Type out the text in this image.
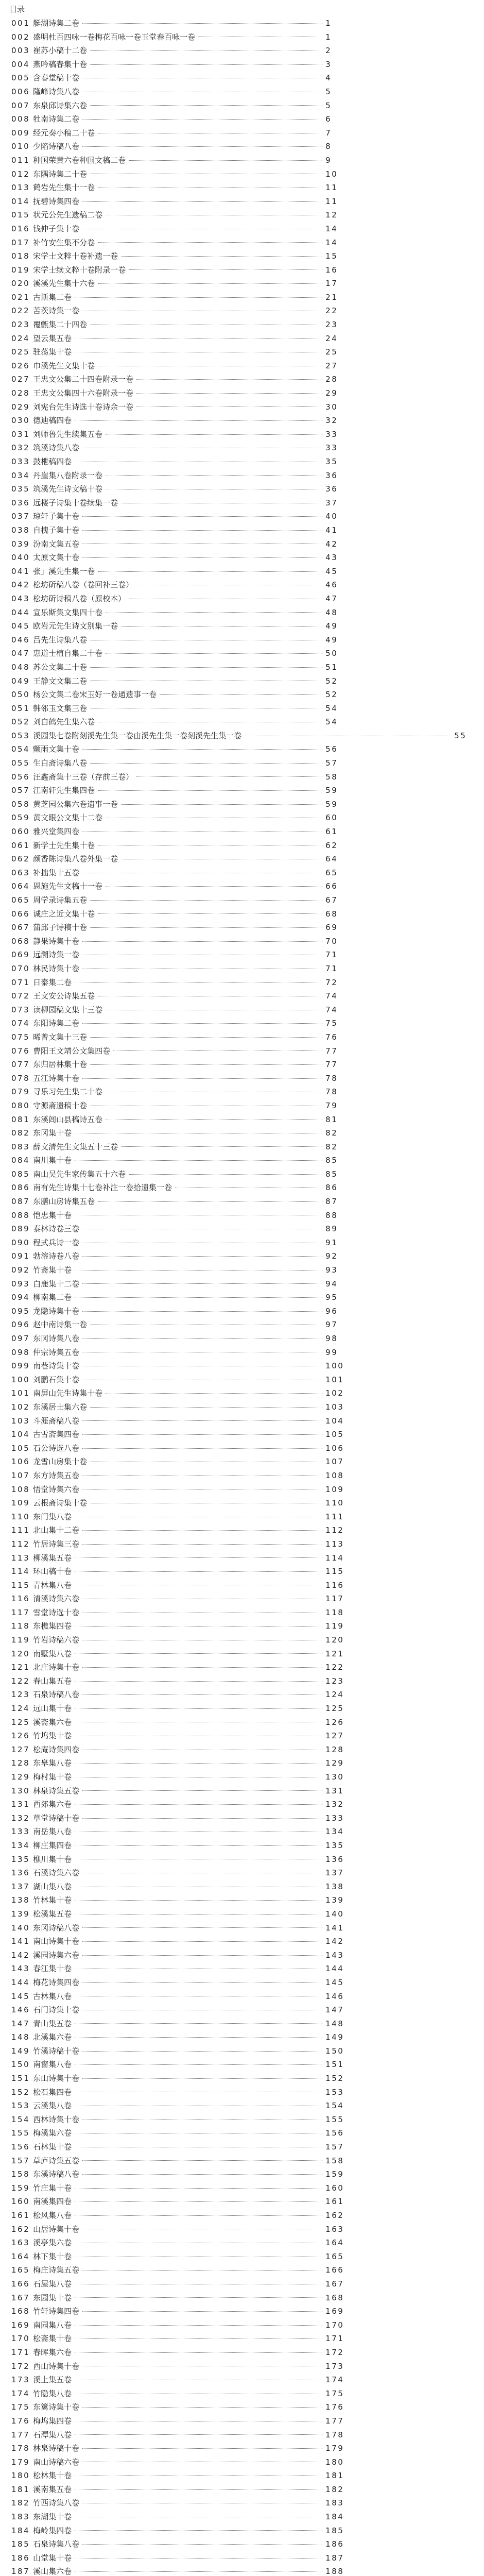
目录
001 艇湖诗集二卷	1
002 盛明杜百四咏一卷梅花百咏一卷玉堂春百咏一卷	1
003 崔苏小稿十二卷	2
004 燕吟稿春集十卷	3
005 含春堂稿十卷	4
006 隆峰诗集八卷	5
007 东泉邱诗集六卷	5
008 牡南诗集二卷	6
009 经元奏小稿二十卷	7
010 少陷诗稿八卷	8
011 种国荣黄六卷种国文稿二卷	9
012 东隅诗集二十卷	10
013 鹤岩先生集十一卷	11
014 抚碧诗集四卷	11
015 状元公先生遗稿二卷	12
016 钱仲子集十卷	14
017 补竹安生集不分卷	14
018 宋学士文粹十卷补遗一卷	15
019 宋学士续文粹十卷附录一卷	16
020 溪溪先生集十六卷	17
021 古斯集二卷	21
022 苦茨诗集一卷	22
023 覆甑集二十四卷	23
024 望云集五卷	24
025 驻荡集十卷	25
026 巾溪先生文集十卷	27
027 王忠文公集二十四卷附录一卷	28
028 王忠文公集四十六卷附录一卷	29
029 刘宪台先生诗选十卷诗余一卷	30
030 德迪稿四卷	32
031 刘师鲁先生续集五卷	33
032 筑溪诗集八卷	33
033 鼓枻稿四卷	35
034 丹崖集八卷附录一卷	36
035 筑溪先生诗文稿十卷	36
036 远楼子诗集十卷续集一卷	37
037 琼轩子集十卷	40
038 自槐子集十卷	41
039 汾南文集五卷	42
040 太原文集十卷	43
041 张」溪先生集一卷	45
042 松坊斫稿八卷（卷回补三卷）	46
043 松坊斫诗稿八卷（原校本）	47
044 宣乐斯集文集四十卷	48
045 欧岩元先生诗文别集一卷	49
046 吕先生诗集八卷	49
047 惠道士植自集二十卷	50
048 苏公文集二十卷	51
049 王静文文集二卷	52
050 杨公文集二卷宋玉好一卷通遗事一卷	52
051 韩邻玉文集三卷	54
052 刘白鹤先生集六卷	54
053 溪园集七卷附刻溪先生集一卷由溪先生集一卷刻溪先生集一卷	55
054 颤雨文集十卷	56
055 生白斋诗集八卷	57
056 汪鑫斋集十三卷（存前三卷）	58
057 江南轩先生集四卷	59
058 黄芝园公集六卷遗事一卷	59
059 黄文眼公文集十二卷	60
060 雅兴堂集四卷	61
061 新学士先生集十卷	62
062 颜香陈诗集八卷外集一卷	64
063 补拙集十五卷	65
064 恩施先生文稿十一卷	66
065 周学录诗集五卷	67
066 诚庄之近文集十卷	68
067 蒲邱子诗稿十卷	69
068 静果诗集十卷	70
069 远溯诗集一卷	71
070 林民诗集十卷	71
071 日泰集二卷	72
072 王文安公诗集五卷	74
073 读柳园稿文集十三卷	74
074 东阳诗集二卷	75
075 晞曾文集十三卷	76
076 曹阳王文靖公文集四卷	77
077 东归居林集十卷	77
078 五江诗集十卷	78
079 寻乐习先生集二十卷	78
080 守源斋遗稿十卷	79
081 东溪闾山县稿诗五卷	81
082 东冈集十卷	82
083 薛文清先生文集五十三卷	82
084 南川集十卷	85
085 南山吴先生家传集五十六卷	85
086 南有先生诗集十七卷补注一卷拾遗集一卷	86
087 东膳山房诗集五卷	87
088 恺忠集十卷	88
089 泰林诗卷三卷	89
090 程式兵诗一卷	91
091 勃溶诗卷八卷	92
092 竹斋集十卷	93
093 白鹿集十二卷	94
094 柳南集二卷	95
095 龙隐诗集十卷	96
096 赵中南诗集一卷	97
097 东冈诗集八卷	98
098 仲宗诗集五卷	99
099 南巷诗集十卷	100
100 刘鹏石集十卷	101
101 南屏山先生诗集十卷	102
102 东溪居士集六卷	103
103 斗涯斋稿八卷	104
104 古雪斋集四卷	105
105 石公诗选八卷	106
106 龙雪山房集十卷	107
107 东方诗集五卷	108
108 悟堂诗集六卷	109
109 云根斋诗集十卷	110
110 东门集八卷	111
111 北山集十二卷	112
112 竹居诗集三卷	113
113 柳溪集五卷	114
114 环山稿十卷	115
115 青林集八卷	116
116 清溪诗集六卷	117
117 雪堂诗选十卷	118
118 东樵集四卷	119
119 竹岩诗稿六卷	120
120 南墅集八卷	121
121 北庄诗集十卷	122
122 春山集五卷	123
123 石泉诗稿八卷	124
124 远山集十卷	125
125 溪斋集六卷	126
126 竹坞集十卷	127
127 松庵诗集四卷	128
128 东皋集八卷	129
129 梅村集十卷	130
130 林泉诗集五卷	131
131 西郊集六卷	132
132 草堂诗稿十卷	133
133 南岳集八卷	134
134 柳庄集四卷	135
135 樵川集十卷	136
136 石溪诗集六卷	137
137 湖山集八卷	138
138 竹林集十卷	139
139 松溪集五卷	140
140 东冈诗稿八卷	141
141 南山诗集十卷	142
142 溪园诗集六卷	143
143 春江集十卷	144
144 梅花诗集四卷	145
145 古林集八卷	146
146 石门诗集十卷	147
147 青山集五卷	148
148 北溪集六卷	149
149 竹溪诗稿十卷	150
150 南窗集八卷	151
151 东山诗集十卷	152
152 松石集四卷	153
153 云溪集八卷	154
154 西林诗集十卷	155
155 梅溪集六卷	156
156 石林集十卷	157
157 草庐诗集五卷	158
158 东溪诗稿八卷	159
159 竹庄集十卷	160
160 南溪集四卷	161
161 松风集八卷	162
162 山居诗集十卷	163
163 溪亭集六卷	164
164 林下集十卷	165
165 梅庄诗集五卷	166
166 石屋集八卷	167
167 东园集十卷	168
168 竹轩诗集四卷	169
169 南园集八卷	170
170 松斋集十卷	171
171 春晖集六卷	172
172 西山诗集十卷	173
173 溪上集五卷	174
174 竹隐集八卷	175
175 东篱诗集十卷	176
176 梅坞集四卷	177
177 石潭集八卷	178
178 林泉诗稿十卷	179
179 南山诗稿六卷	180
180 松林集十卷	181
181 溪南集五卷	182
182 竹西诗集八卷	183
183 东湖集十卷	184
184 梅岭集四卷	185
185 石泉诗集八卷	186
186 山堂集十卷	187
187 溪山集六卷	188
